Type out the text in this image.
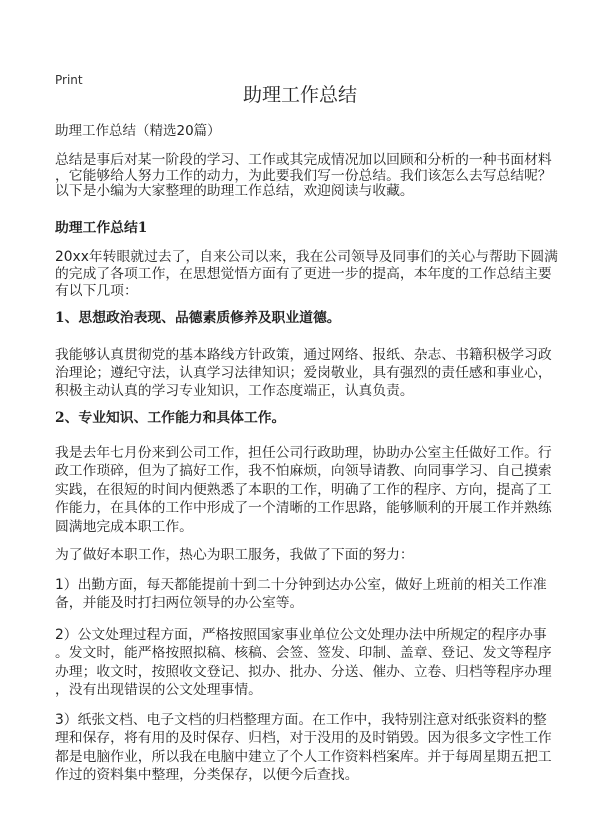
Print
助理工作总结
助理工作总结（精选20篇）
总结是事后对某一阶段的学习、工作或其完成情况加以回顾和分析的一种书面材料
，它能够给人努力工作的动力，为此要我们写一份总结。我们该怎么去写总结呢？
以下是小编为大家整理的助理工作总结，欢迎阅读与收藏。
助理工作总结1
20xx年转眼就过去了，自来公司以来，我在公司领导及同事们的关心与帮助下圆满
的完成了各项工作，在思想觉悟方面有了更进一步的提高，本年度的工作总结主要
有以下几项：
1、思想政治表现、品德素质修养及职业道德。
我能够认真贯彻党的基本路线方针政策，通过网络、报纸、杂志、书籍积极学习政
治理论；遵纪守法，认真学习法律知识；爱岗敬业，具有强烈的责任感和事业心，
积极主动认真的学习专业知识，工作态度端正，认真负责。
2、专业知识、工作能力和具体工作。
我是去年七月份来到公司工作，担任公司行政助理，协助办公室主任做好工作。行
政工作琐碎，但为了搞好工作，我不怕麻烦，向领导请教、向同事学习、自己摸索
实践，在很短的时间内便熟悉了本职的工作，明确了工作的程序、方向，提高了工
作能力，在具体的工作中形成了一个清晰的工作思路，能够顺利的开展工作并熟练
圆满地完成本职工作。
为了做好本职工作，热心为职工服务，我做了下面的努力：
1）出勤方面，每天都能提前十到二十分钟到达办公室，做好上班前的相关工作准
备，并能及时打扫两位领导的办公室等。
2）公文处理过程方面，严格按照国家事业单位公文处理办法中所规定的程序办事
。发文时，能严格按照拟稿、核稿、会签、签发、印制、盖章、登记、发文等程序
办理；收文时，按照收文登记、拟办、批办、分送、催办、立卷、归档等程序办理
，没有出现错误的公文处理事情。
3）纸张文档、电子文档的归档整理方面。在工作中，我特别注意对纸张资料的整
理和保存，将有用的及时保存、归档，对于没用的及时销毁。因为很多文字性工作
都是电脑作业，所以我在电脑中建立了个人工作资料档案库。并于每周星期五把工
作过的资料集中整理，分类保存，以便今后查找。
